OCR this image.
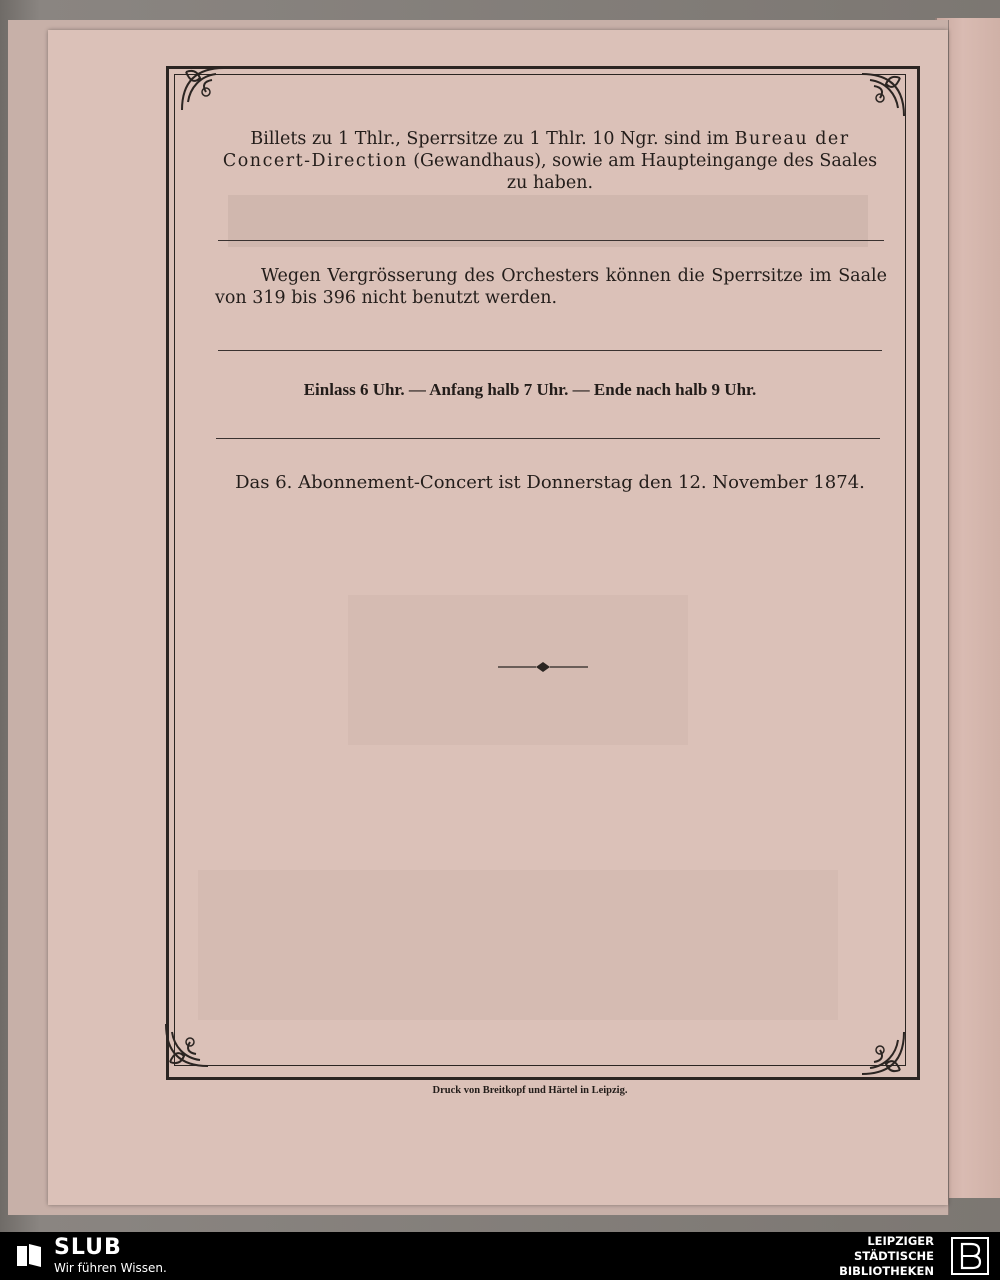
Billets zu 1 Thlr., Sperrsitze zu 1 Thlr. 10 Ngr. sind im Bureau der Concert-Direction (Gewandhaus), sowie am Haupteingange des Saales zu haben.
Wegen Vergrösserung des Orchesters können die Sperrsitze im Saale von 319 bis 396 nicht benutzt werden.
Einlass 6 Uhr. — Anfang halb 7 Uhr. — Ende nach halb 9 Uhr.
Das 6. Abonnement-Concert ist Donnerstag den 12. November 1874.
Druck von Breitkopf und Härtel in Leipzig.
SLUB
Wir führen Wissen.
LEIPZIGER
STÄDTISCHE
BIBLIOTHEKEN
